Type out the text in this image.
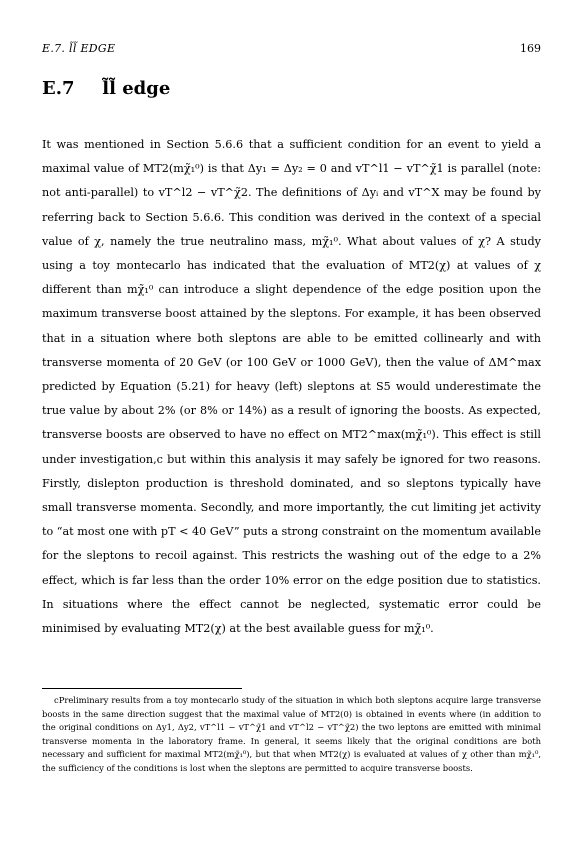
E.7. l̃l̃ EDGE	169
E.7 l̃l̃ edge

It was mentioned in Section 5.6.6 that a sufficient condition for an event to yield a maximal value of MT2(mχ̃₁⁰) is that Δy₁ = Δy₂ = 0 and vT^l1 − vT^χ̃1 is parallel (note: not anti-parallel) to vT^l2 − vT^χ̃2. The definitions of Δyᵢ and vT^X may be found by referring back to Section 5.6.6. This condition was derived in the context of a special value of χ, namely the true neutralino mass, mχ̃₁⁰. What about values of χ? A study using a toy montecarlo has indicated that the evaluation of MT2(χ) at values of χ different than mχ̃₁⁰ can introduce a slight dependence of the edge position upon the maximum transverse boost attained by the sleptons. For example, it has been observed that in a situation where both sleptons are able to be emitted collinearly and with transverse momenta of 20 GeV (or 100 GeV or 1000 GeV), then the value of ΔM^max predicted by Equation (5.21) for heavy (left) sleptons at S5 would underestimate the true value by about 2% (or 8% or 14%) as a result of ignoring the boosts. As expected, transverse boosts are observed to have no effect on MT2^max(mχ̃₁⁰). This effect is still under investigation,c but within this analysis it may safely be ignored for two reasons. Firstly, dislepton production is threshold dominated, and so sleptons typically have small transverse momenta. Secondly, and more importantly, the cut limiting jet activity to “at most one with pT < 40 GeV” puts a strong constraint on the momentum available for the sleptons to recoil against. This restricts the washing out of the edge to a 2% effect, which is far less than the order 10% error on the edge position due to statistics. In situations where the effect cannot be neglected, systematic error could be minimised by evaluating MT2(χ) at the best available guess for mχ̃₁⁰.

cPreliminary results from a toy montecarlo study of the situation in which both sleptons acquire large transverse boosts in the same direction suggest that the maximal value of MT2(0) is obtained in events where (in addition to the original conditions on Δy1, Δy2, vT^l1 − vT^χ̃1 and vT^l2 − vT^χ̃2) the two leptons are emitted with minimal transverse momenta in the laboratory frame. In general, it seems likely that the original conditions are both necessary and sufficient for maximal MT2(mχ̃₁⁰), but that when MT2(χ) is evaluated at values of χ other than mχ̃₁⁰, the sufficiency of the conditions is lost when the sleptons are permitted to acquire transverse boosts.
